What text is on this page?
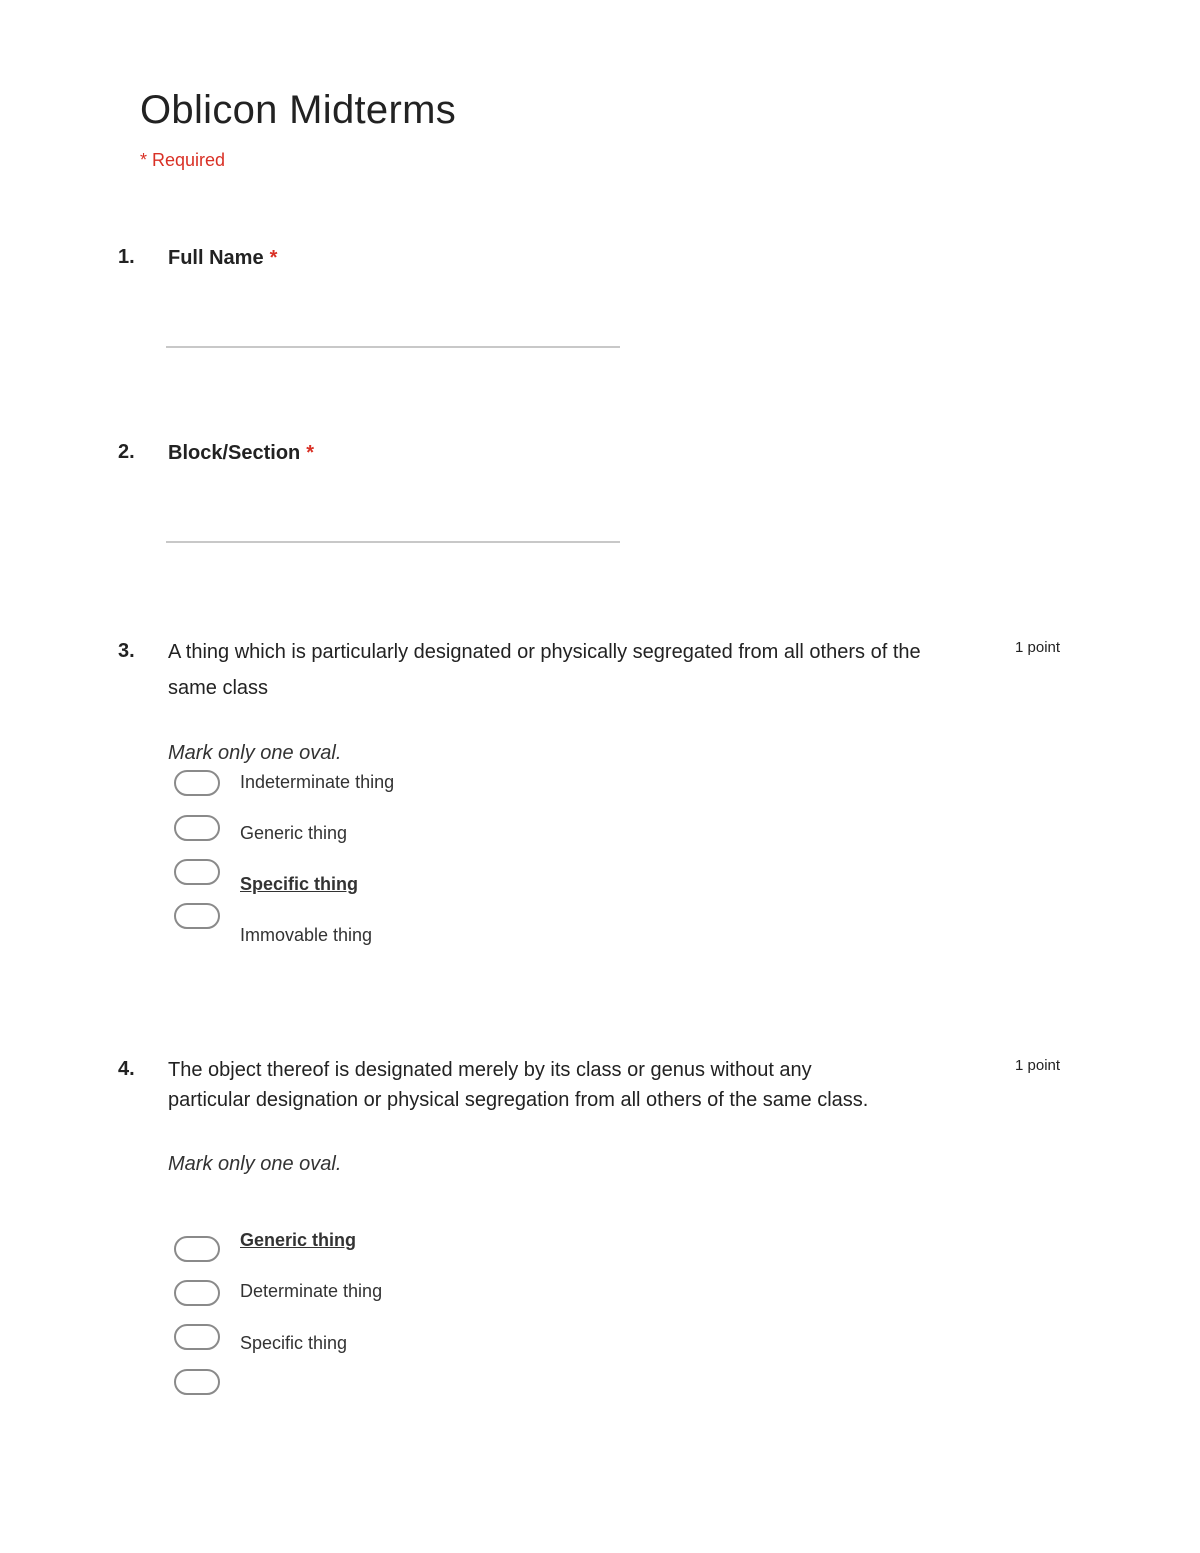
Oblicon Midterms
* Required
1. Full Name *
2. Block/Section *
3. A thing which is particularly designated or physically segregated from all others of the
same class
1 point
Mark only one oval.
Indeterminate thing
Generic thing
Specific thing
Immovable thing
4. The object thereof is designated merely by its class or genus without any
particular designation or physical segregation from all others of the same class.
1 point
Mark only one oval.
Generic thing
Determinate thing
Specific thing
